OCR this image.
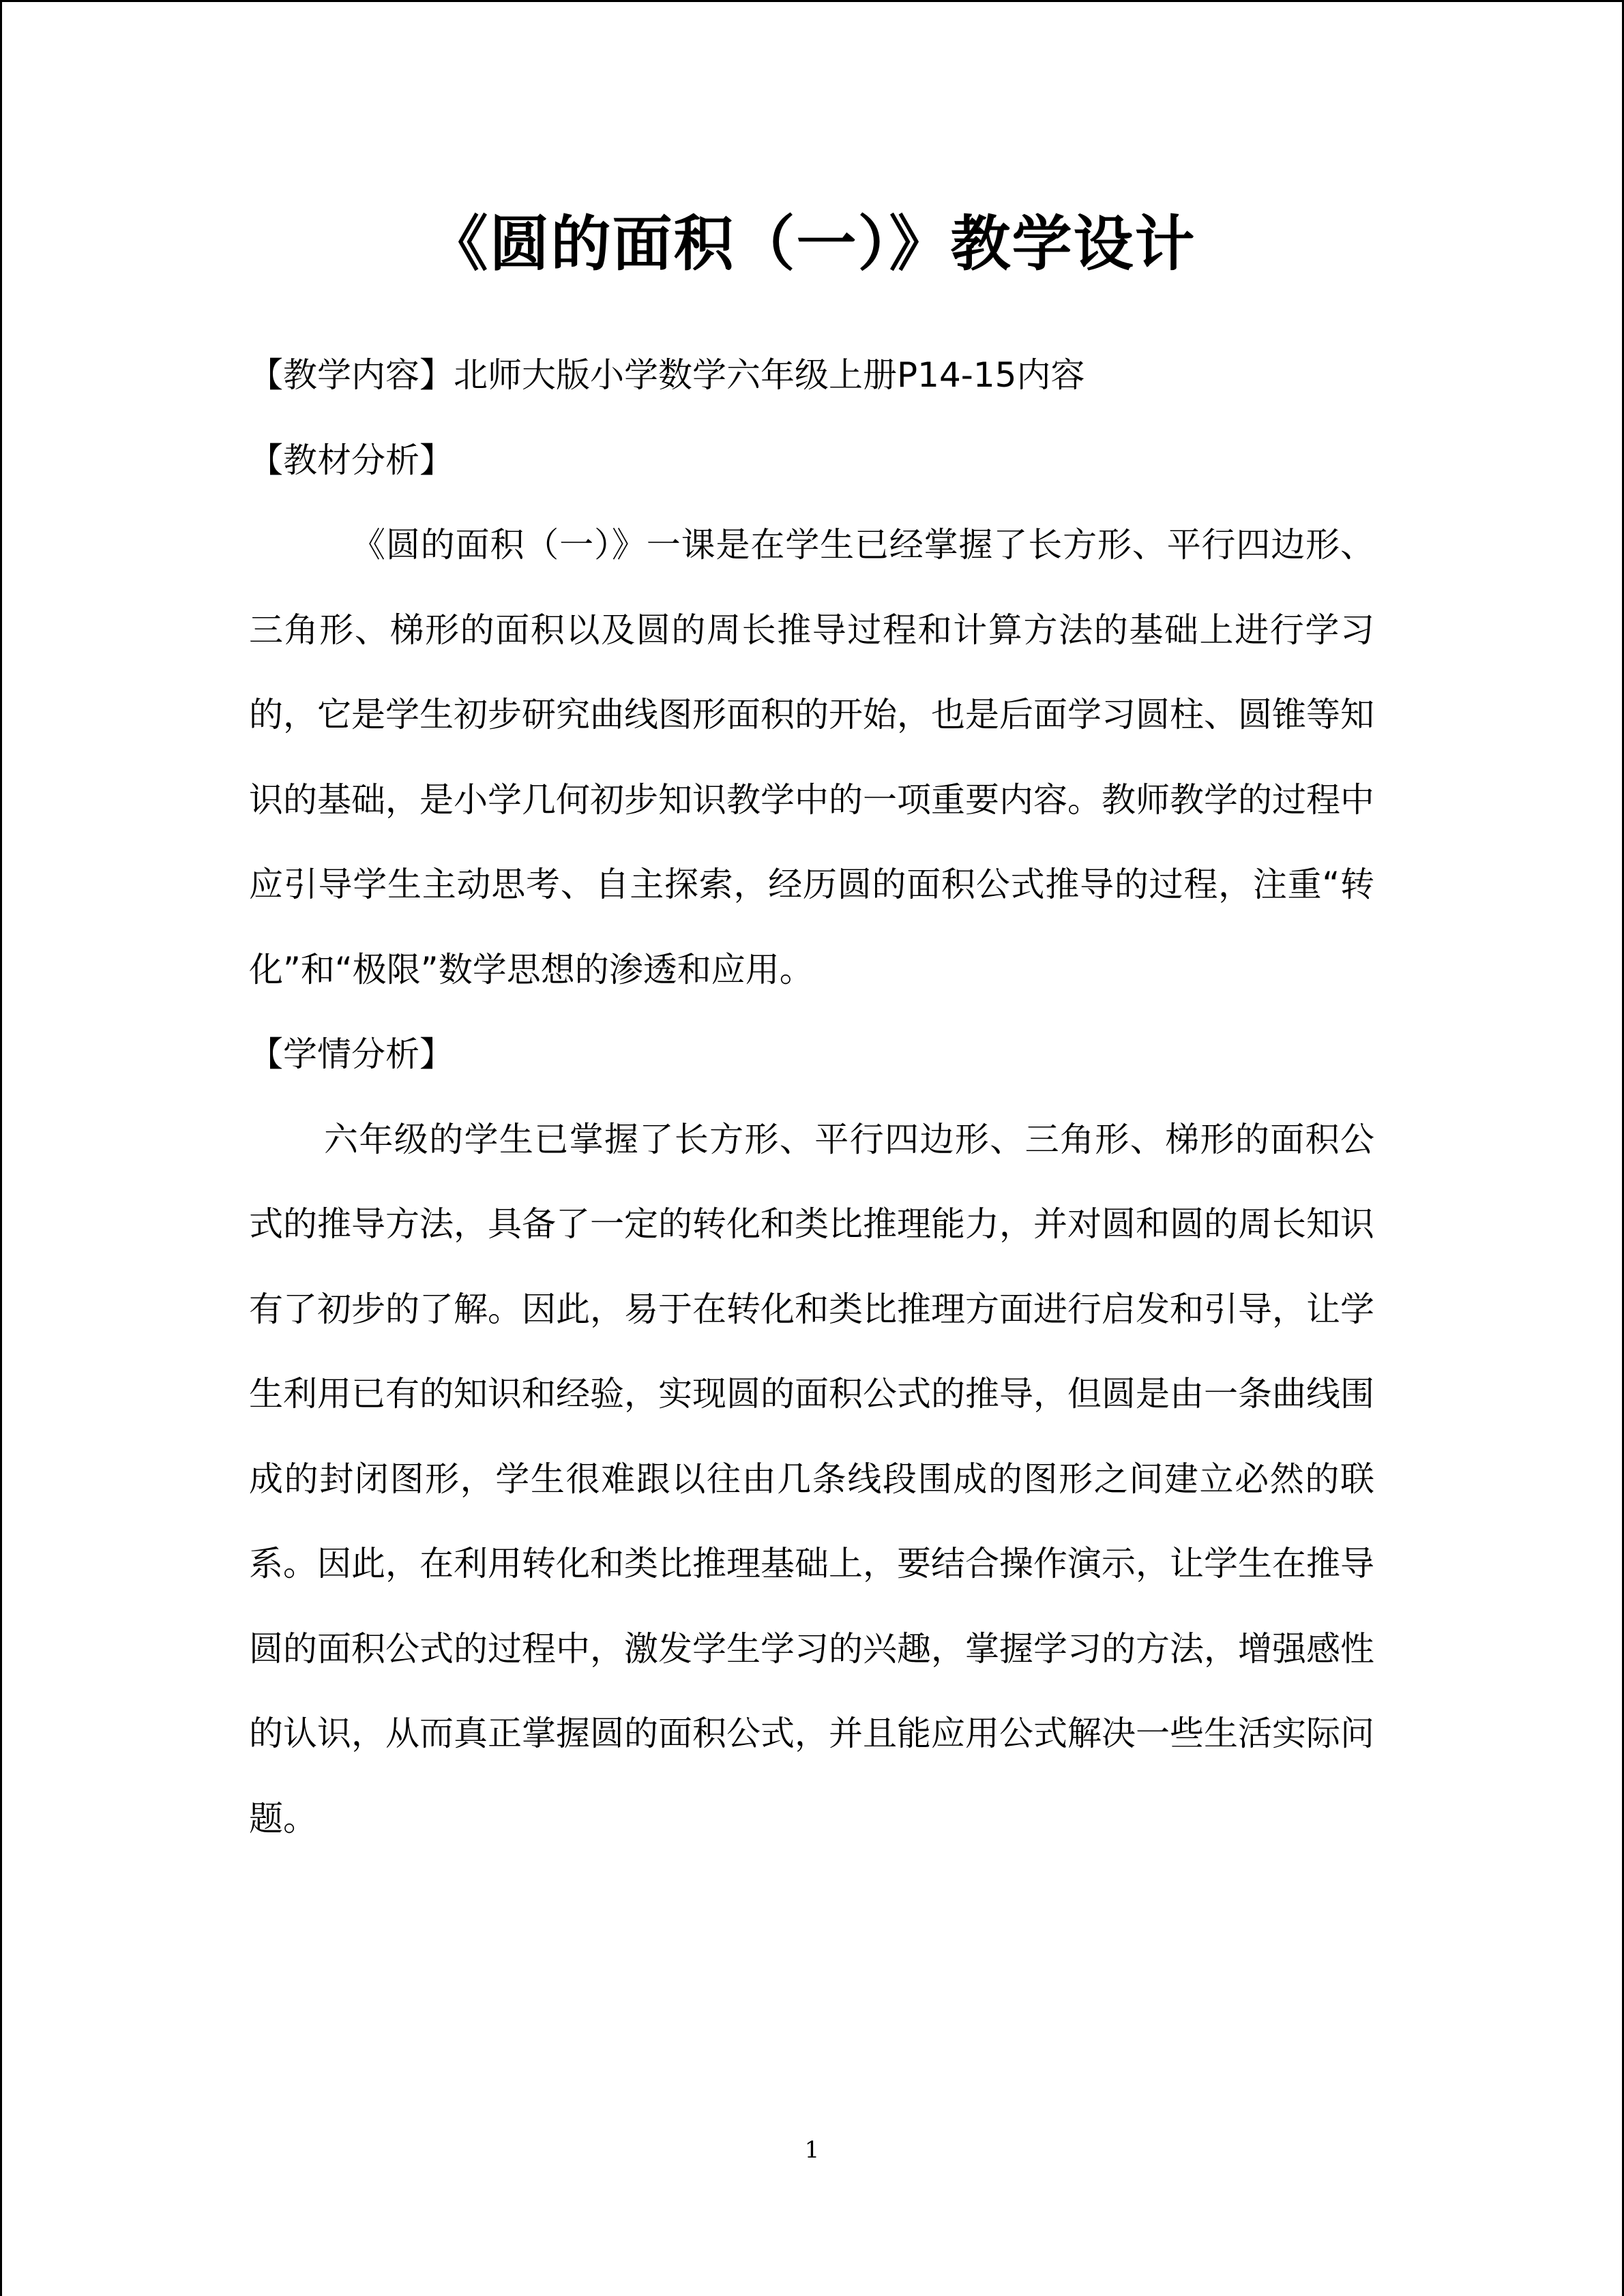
《圆的面积（一）》教学设计
【教学内容】北师大版小学数学六年级上册P14-15内容
【教材分析】

《圆的面积（一）》一课是在学生已经掌握了长方形、平行四边形、三角形、梯形的面积以及圆的周长推导过程和计算方法的基础上进行学习的，它是学生初步研究曲线图形面积的开始，也是后面学习圆柱、圆锥等知识的基础，是小学几何初步知识教学中的一项重要内容。教师教学的过程中应引导学生主动思考、自主探索，经历圆的面积公式推导的过程，注重“转化”和“极限”数学思想的渗透和应用。

【学情分析】

六年级的学生已掌握了长方形、平行四边形、三角形、梯形的面积公式的推导方法，具备了一定的转化和类比推理能力，并对圆和圆的周长知识有了初步的了解。因此，易于在转化和类比推理方面进行启发和引导，让学生利用已有的知识和经验，实现圆的面积公式的推导，但圆是由一条曲线围成的封闭图形，学生很难跟以往由几条线段围成的图形之间建立必然的联系。因此，在利用转化和类比推理基础上，要结合操作演示，让学生在推导圆的面积公式的过程中，激发学生学习的兴趣，掌握学习的方法，增强感性的认识，从而真正掌握圆的面积公式，并且能应用公式解决一些生活实际问题。

1
